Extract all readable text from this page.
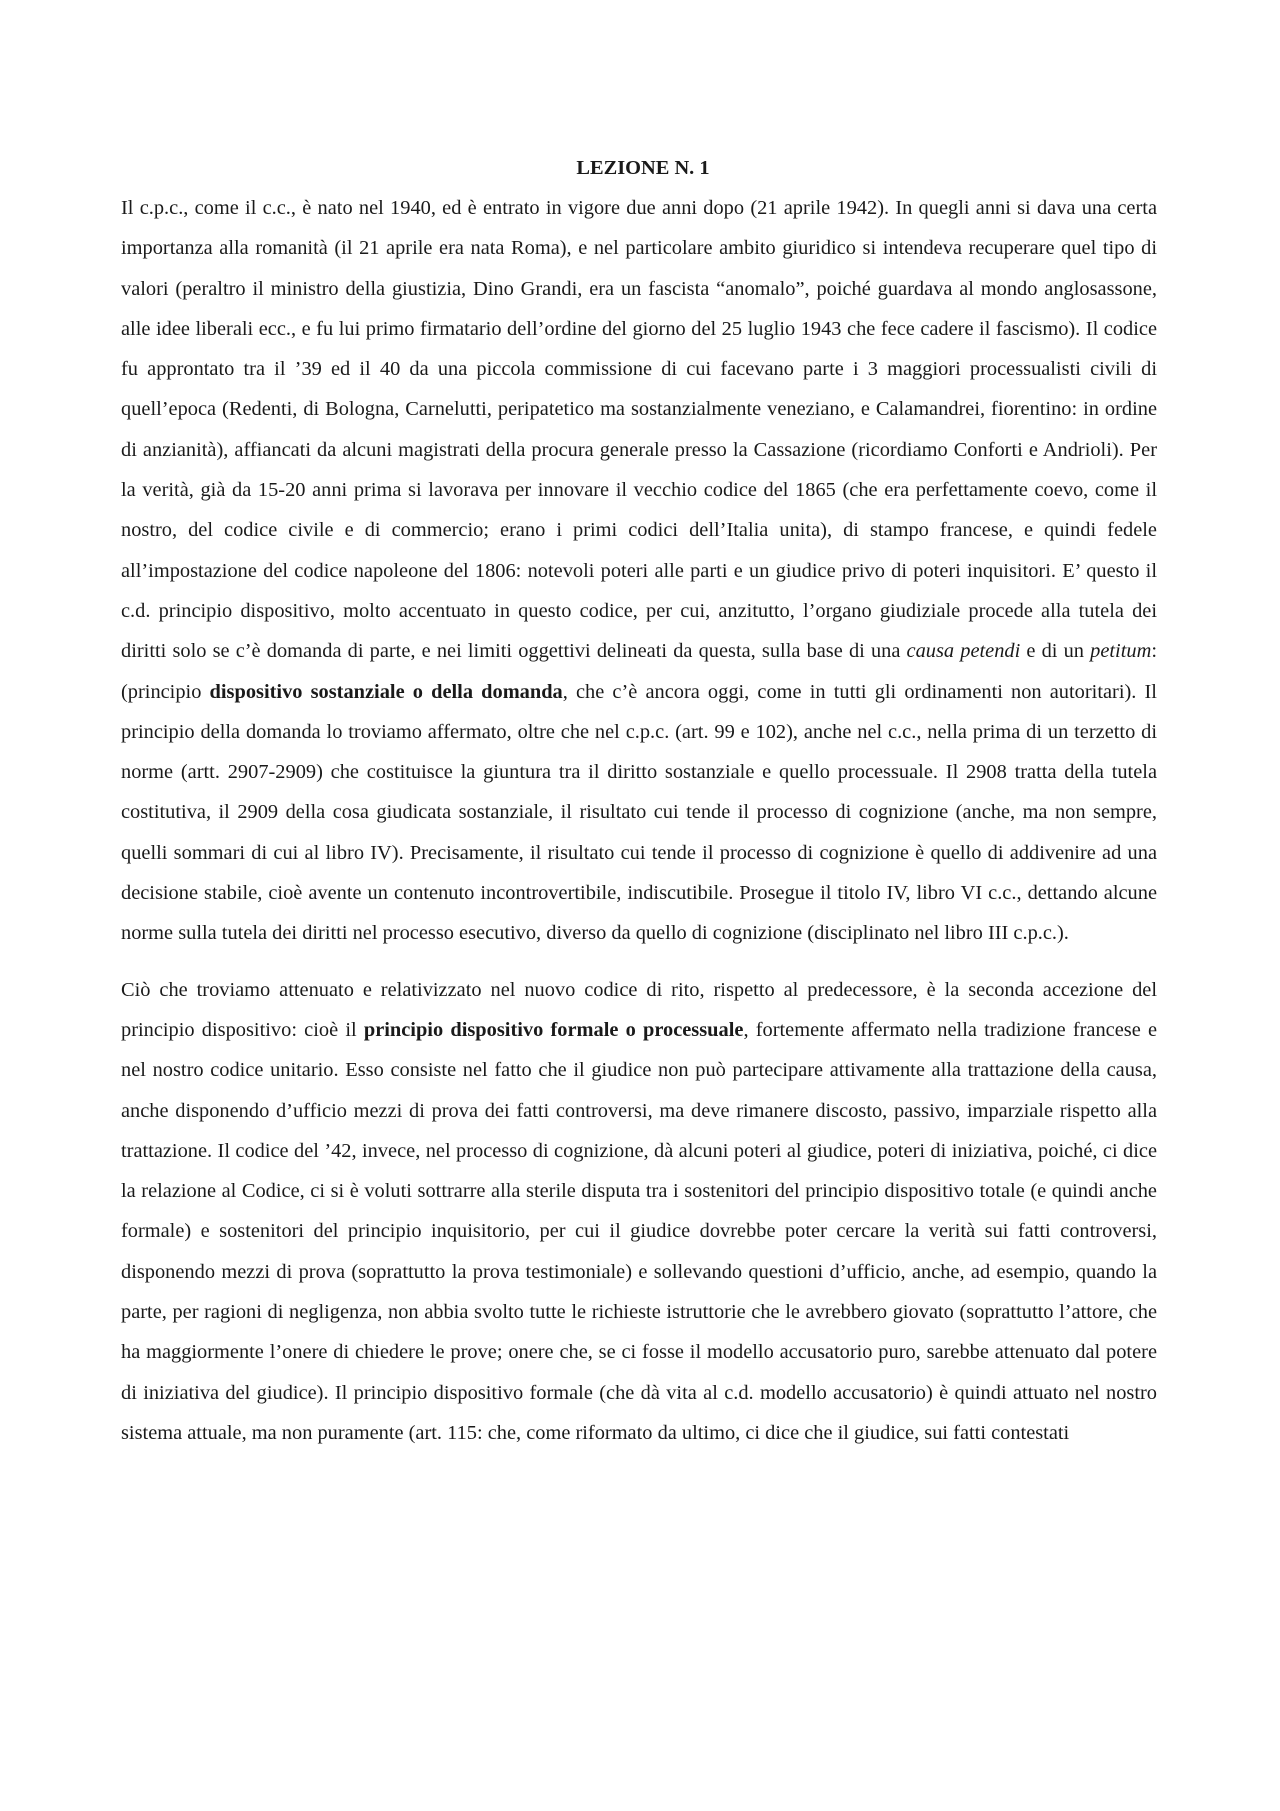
LEZIONE N. 1

Il c.p.c., come il c.c., è nato nel 1940, ed è entrato in vigore due anni dopo (21 aprile 1942). In quegli anni si dava una certa importanza alla romanità (il 21 aprile era nata Roma), e nel particolare ambito giuridico si intendeva recuperare quel tipo di valori (peraltro il ministro della giustizia, Dino Grandi, era un fascista “anomalo”, poiché guardava al mondo anglosassone, alle idee liberali ecc., e fu lui primo firmatario dell’ordine del giorno del 25 luglio 1943 che fece cadere il fascismo). Il codice fu approntato tra il ’39 ed il 40 da una piccola commissione di cui facevano parte i 3 maggiori processualisti civili di quell’epoca (Redenti, di Bologna, Carnelutti, peripatetico ma sostanzialmente veneziano, e Calamandrei, fiorentino: in ordine di anzianità), affiancati da alcuni magistrati della procura generale presso la Cassazione (ricordiamo Conforti e Andrioli). Per la verità, già da 15-20 anni prima si lavorava per innovare il vecchio codice del 1865 (che era perfettamente coevo, come il nostro, del codice civile e di commercio; erano i primi codici dell’Italia unita), di stampo francese, e quindi fedele all’impostazione del codice napoleone del 1806: notevoli poteri alle parti e un giudice privo di poteri inquisitori. E’ questo il c.d. principio dispositivo, molto accentuato in questo codice, per cui, anzitutto, l’organo giudiziale procede alla tutela dei diritti solo se c’è domanda di parte, e nei limiti oggettivi delineati da questa, sulla base di una causa petendi e di un petitum: (principio dispositivo sostanziale o della domanda, che c’è ancora oggi, come in tutti gli ordinamenti non autoritari). Il principio della domanda lo troviamo affermato, oltre che nel c.p.c. (art. 99 e 102), anche nel c.c., nella prima di un terzetto di norme (artt. 2907-2909) che costituisce la giuntura tra il diritto sostanziale e quello processuale. Il 2908 tratta della tutela costitutiva, il 2909 della cosa giudicata sostanziale, il risultato cui tende il processo di cognizione (anche, ma non sempre, quelli sommari di cui al libro IV). Precisamente, il risultato cui tende il processo di cognizione è quello di addivenire ad una decisione stabile, cioè avente un contenuto incontrovertibile, indiscutibile. Prosegue il titolo IV, libro VI c.c., dettando alcune norme sulla tutela dei diritti nel processo esecutivo, diverso da quello di cognizione (disciplinato nel libro III c.p.c.).

Ciò che troviamo attenuato e relativizzato nel nuovo codice di rito, rispetto al predecessore, è la seconda accezione del principio dispositivo: cioè il principio dispositivo formale o processuale, fortemente affermato nella tradizione francese e nel nostro codice unitario. Esso consiste nel fatto che il giudice non può partecipare attivamente alla trattazione della causa, anche disponendo d’ufficio mezzi di prova dei fatti controversi, ma deve rimanere discosto, passivo, imparziale rispetto alla trattazione. Il codice del ’42, invece, nel processo di cognizione, dà alcuni poteri al giudice, poteri di iniziativa, poiché, ci dice la relazione al Codice, ci si è voluti sottrarre alla sterile disputa tra i sostenitori del principio dispositivo totale (e quindi anche formale) e sostenitori del principio inquisitorio, per cui il giudice dovrebbe poter cercare la verità sui fatti controversi, disponendo mezzi di prova (soprattutto la prova testimoniale) e sollevando questioni d’ufficio, anche, ad esempio, quando la parte, per ragioni di negligenza, non abbia svolto tutte le richieste istruttorie che le avrebbero giovato (soprattutto l’attore, che ha maggiormente l’onere di chiedere le prove; onere che, se ci fosse il modello accusatorio puro, sarebbe attenuato dal potere di iniziativa del giudice). Il principio dispositivo formale (che dà vita al c.d. modello accusatorio) è quindi attuato nel nostro sistema attuale, ma non puramente (art. 115: che, come riformato da ultimo, ci dice che il giudice, sui fatti contestati
